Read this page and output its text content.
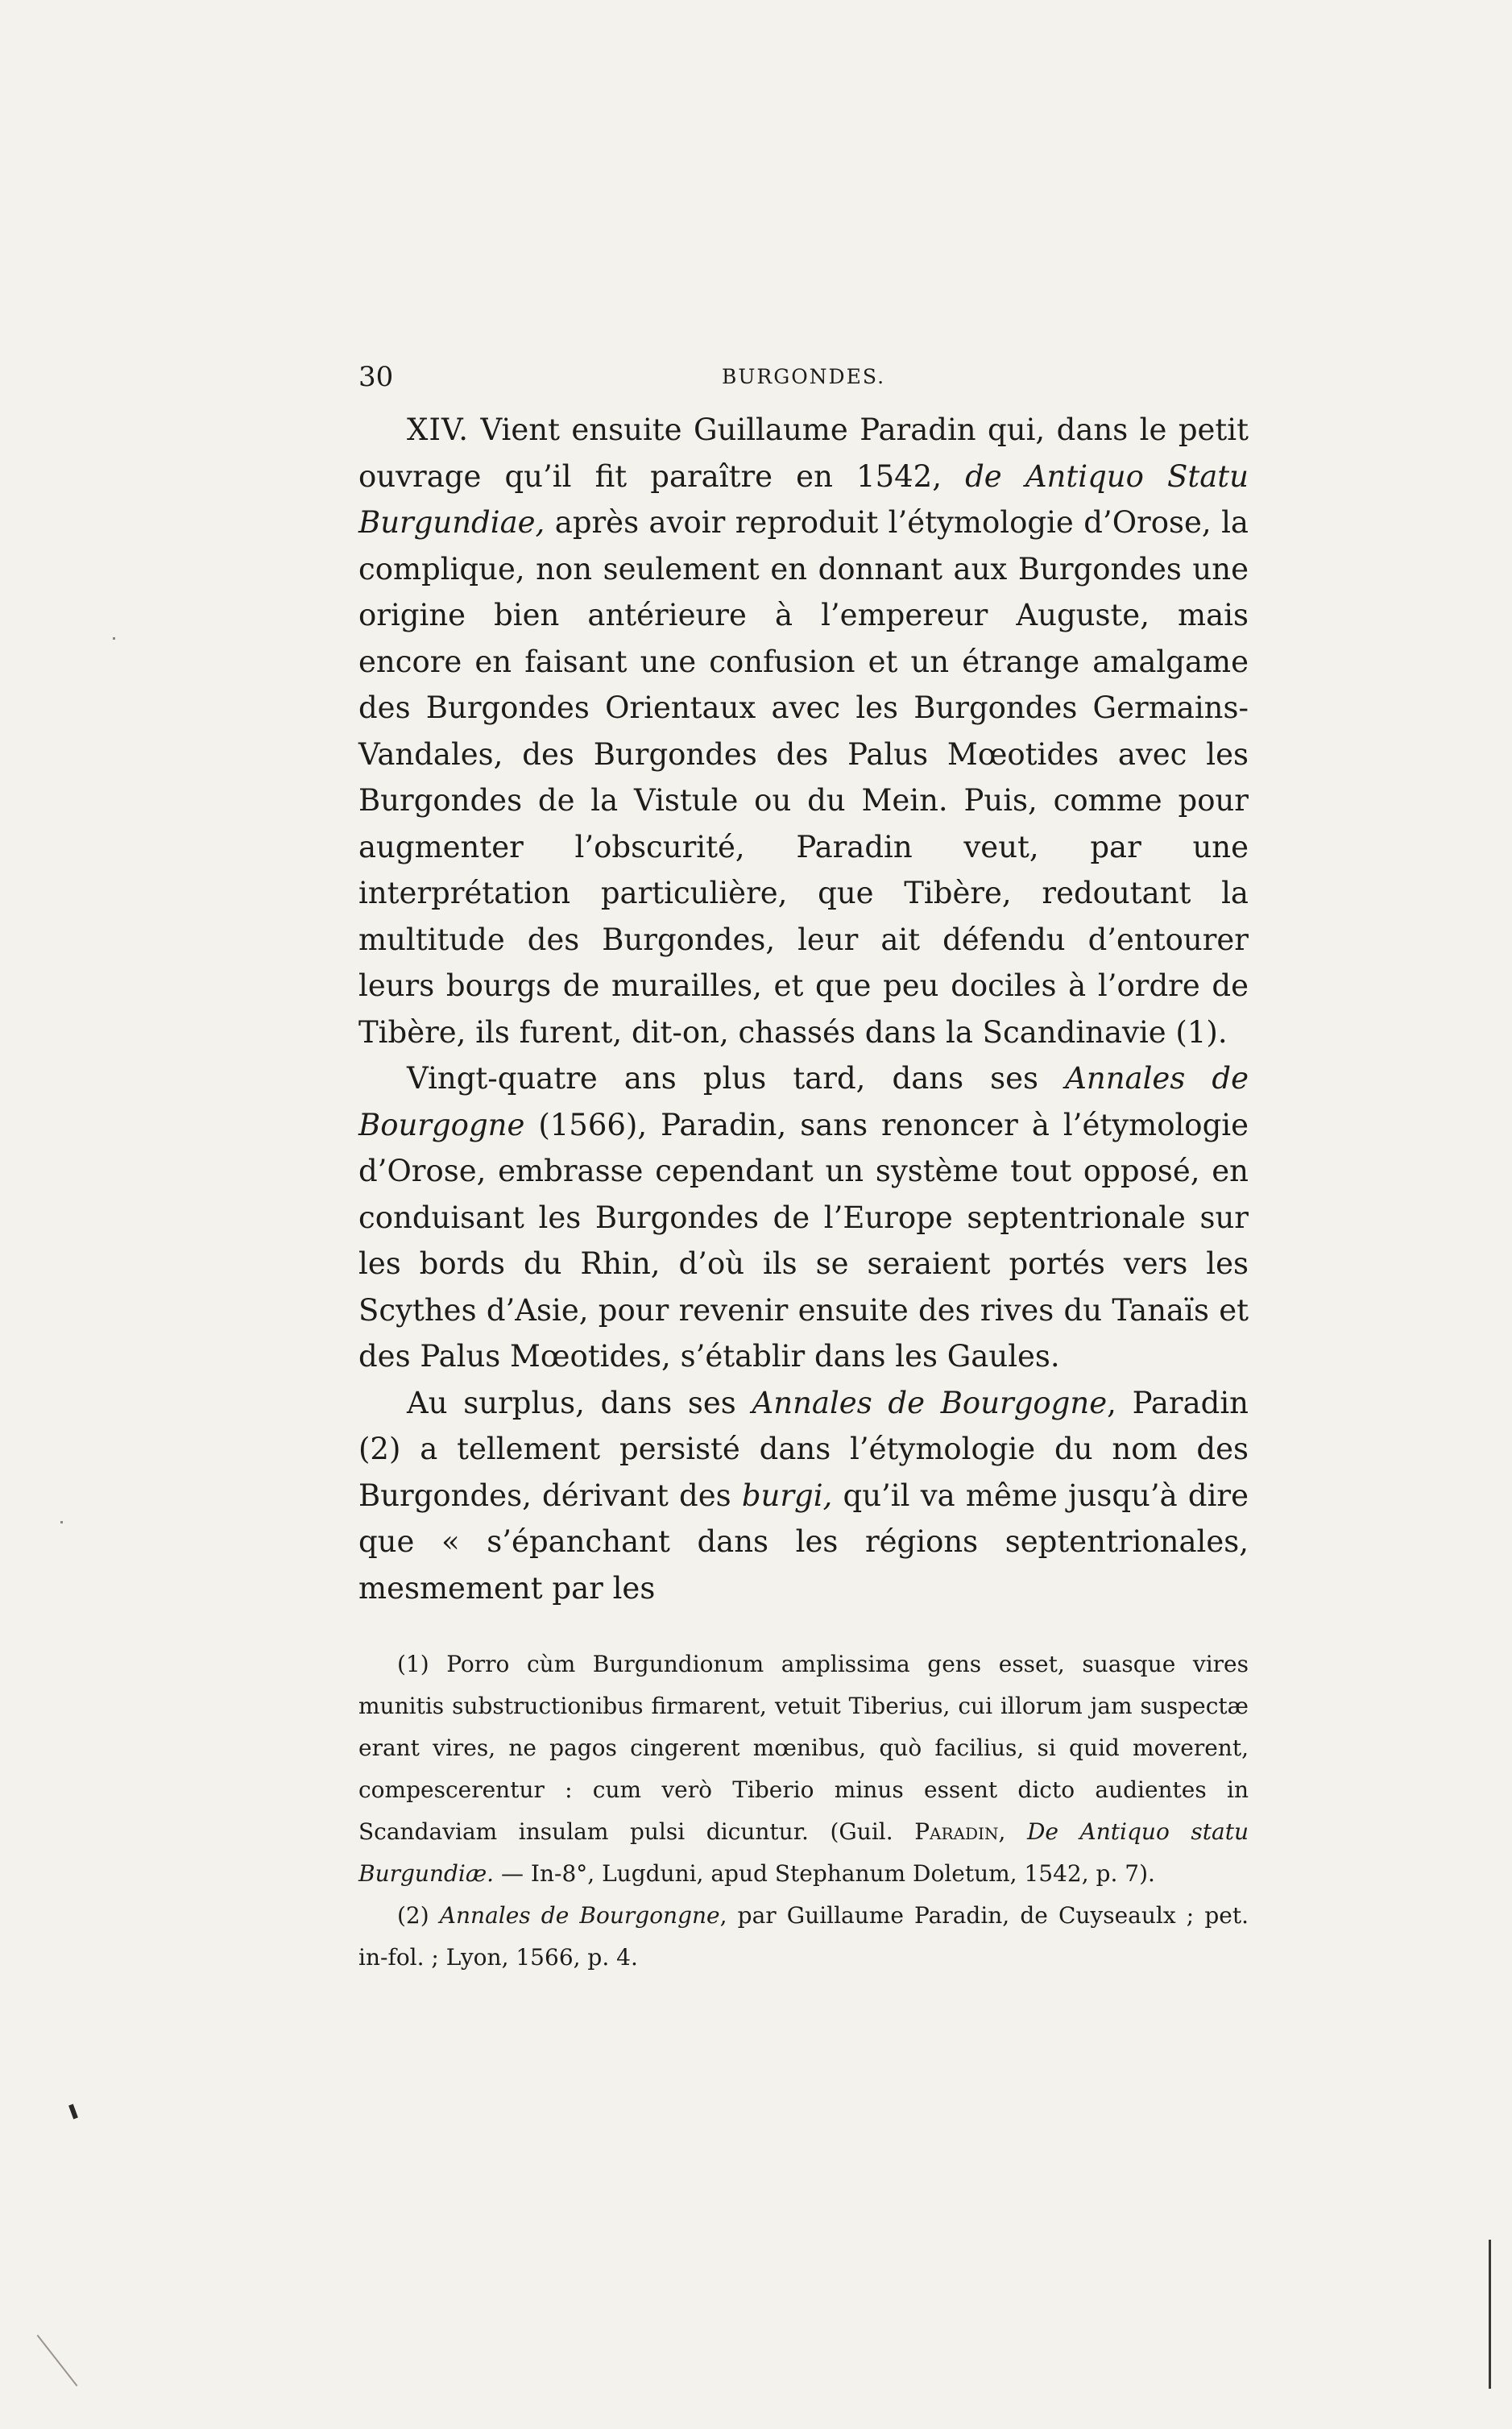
30	BURGONDES.

XIV. Vient ensuite Guillaume Paradin qui, dans le petit ouvrage qu’il fit paraître en 1542, de Antiquo Statu Burgundiae, après avoir reproduit l’étymologie d’Orose, la complique, non seulement en donnant aux Burgondes une origine bien antérieure à l’empereur Auguste, mais encore en faisant une confusion et un étrange amalgame des Burgondes Orientaux avec les Burgondes Germains-Vandales, des Burgondes des Palus Mœotides avec les Burgondes de la Vistule ou du Mein. Puis, comme pour augmenter l’obscurité, Paradin veut, par une interprétation particulière, que Tibère, redoutant la multitude des Burgondes, leur ait défendu d’entourer leurs bourgs de murailles, et que peu dociles à l’ordre de Tibère, ils furent, dit-on, chassés dans la Scandinavie (1).

Vingt-quatre ans plus tard, dans ses Annales de Bourgogne (1566), Paradin, sans renoncer à l’étymologie d’Orose, embrasse cependant un système tout opposé, en conduisant les Burgondes de l’Europe septentrionale sur les bords du Rhin, d’où ils se seraient portés vers les Scythes d’Asie, pour revenir ensuite des rives du Tanaïs et des Palus Mœotides, s’établir dans les Gaules.

Au surplus, dans ses Annales de Bourgogne, Paradin (2) a tellement persisté dans l’étymologie du nom des Burgondes, dérivant des burgi, qu’il va même jusqu’à dire que « s’épanchant dans les régions septentrionales, mesmement par les

(1) Porro cùm Burgundionum amplissima gens esset, suasque vires munitis substructionibus firmarent, vetuit Tiberius, cui illorum jam suspectæ erant vires, ne pagos cingerent mœnibus, quò facilius, si quid moverent, compescerentur : cum verò Tiberio minus essent dicto audientes in Scandaviam insulam pulsi dicuntur. (Guil. Paradin, De Antiquo statu Burgundiæ. — In-8°, Lugduni, apud Stephanum Doletum, 1542, p. 7).

(2) Annales de Bourgongne, par Guillaume Paradin, de Cuyseaulx ; pet. in-fol. ; Lyon, 1566, p. 4.
